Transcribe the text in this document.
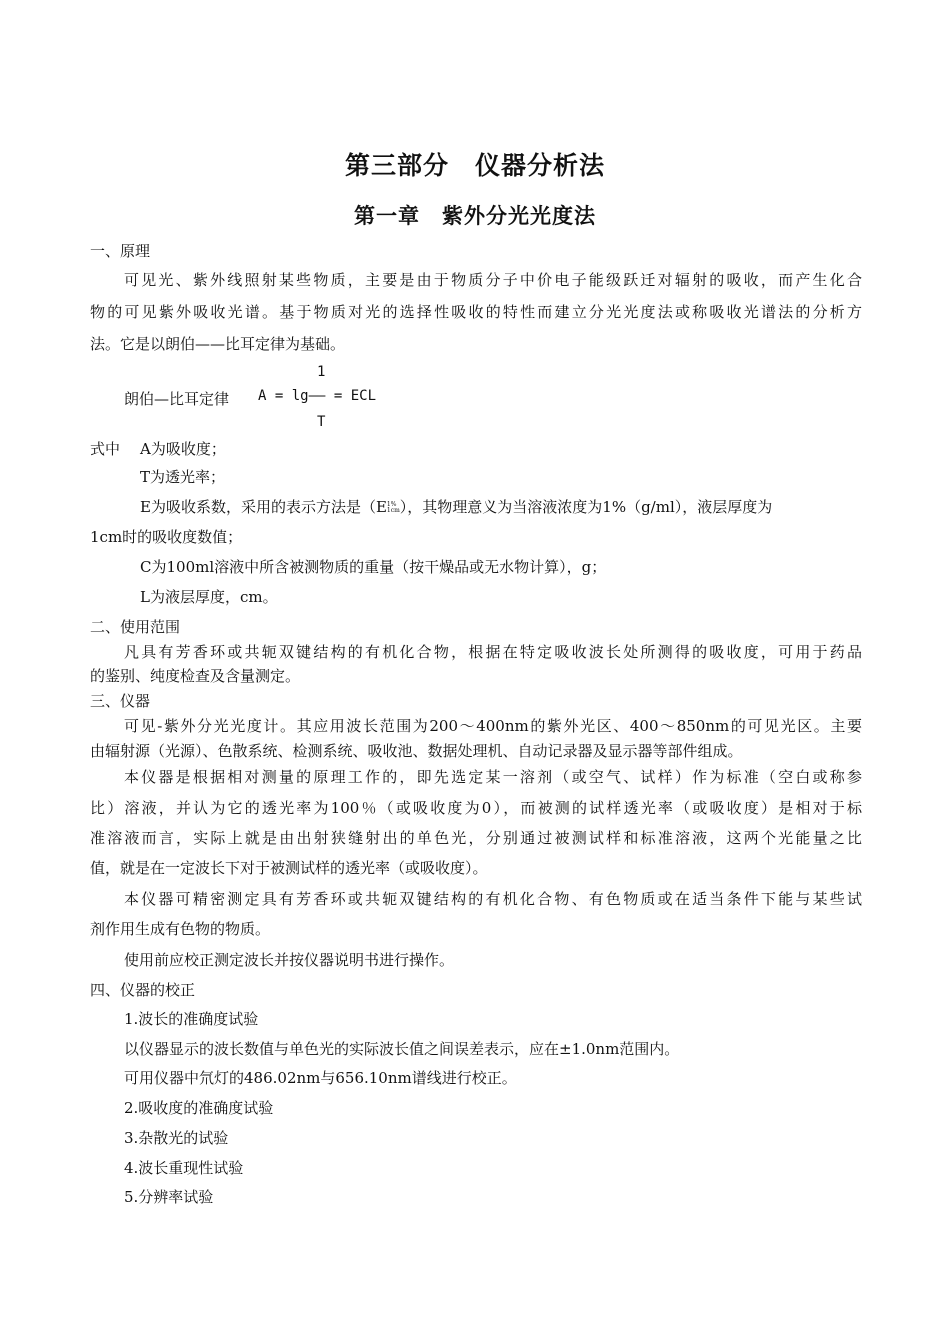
第三部分　仪器分析法
第一章　紫外分光光度法
一、原理
可见光、紫外线照射某些物质，主要是由于物质分子中价电子能级跃迁对辐射的吸收，而产生化合
物的可见紫外吸收光谱。基于物质对光的选择性吸收的特性而建立分光光度法或称吸收光谱法的分析方
法。它是以朗伯——比耳定律为基础。
1
朗伯—比耳定律 A = lg—— = ECL
T
式中	A为吸收度；
T为透光率；
E为吸收系数，采用的表示方法是（E 1%
1cm ），其物理意义为当溶液浓度为1%（g/ml），液层厚度为
1cm时的吸收度数值；
C为100ml溶液中所含被测物质的重量（按干燥品或无水物计算），g；
L为液层厚度，cm。
二、使用范围
凡具有芳香环或共轭双键结构的有机化合物，根据在特定吸收波长处所测得的吸收度，可用于药品
的鉴别、纯度检查及含量测定。
三、仪器
可见-紫外分光光度计。其应用波长范围为200～400nm的紫外光区、400～850nm的可见光区。主要
由辐射源（光源）、色散系统、检测系统、吸收池、数据处理机、自动记录器及显示器等部件组成。
本仪器是根据相对测量的原理工作的，即先选定某一溶剂（或空气、试样）作为标准（空白或称参
比）溶液，并认为它的透光率为100％（或吸收度为0），而被测的试样透光率（或吸收度）是相对于标
准溶液而言，实际上就是由出射狭缝射出的单色光，分别通过被测试样和标准溶液，这两个光能量之比
值，就是在一定波长下对于被测试样的透光率（或吸收度）。
本仪器可精密测定具有芳香环或共轭双键结构的有机化合物、有色物质或在适当条件下能与某些试
剂作用生成有色物的物质。
使用前应校正测定波长并按仪器说明书进行操作。
四、仪器的校正
1.波长的准确度试验
以仪器显示的波长数值与单色光的实际波长值之间误差表示，应在±1.0nm范围内。
可用仪器中氘灯的486.02nm与656.10nm谱线进行校正。
2.吸收度的准确度试验
3.杂散光的试验
4.波长重现性试验
5.分辨率试验
